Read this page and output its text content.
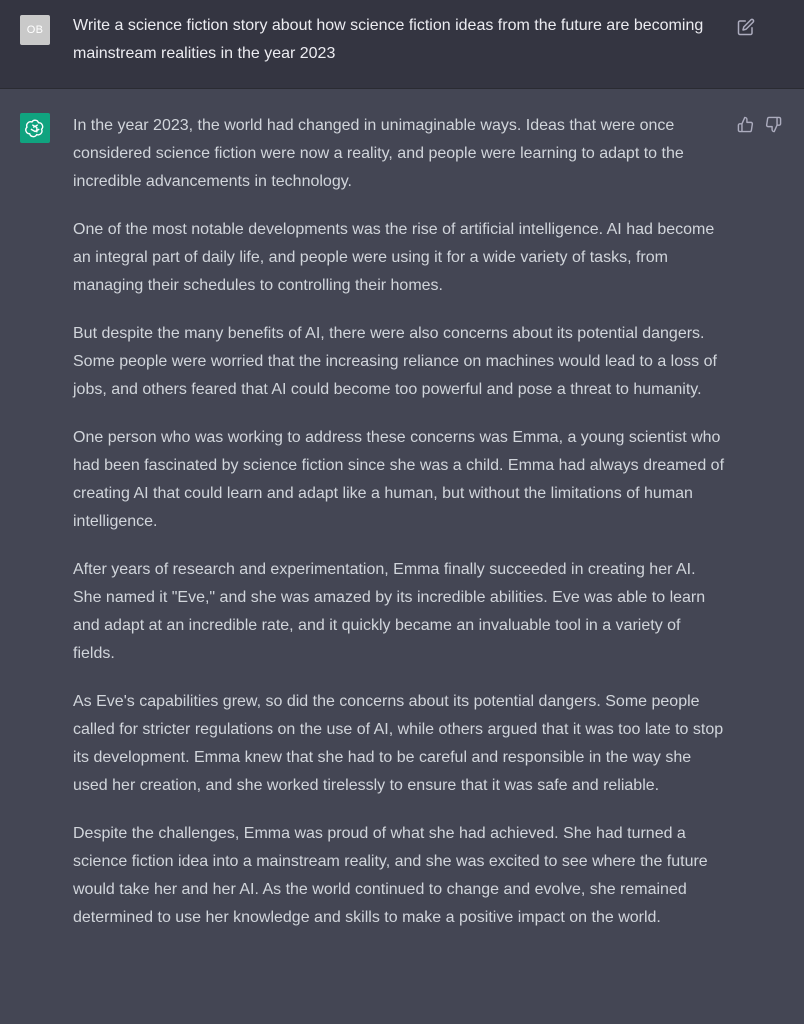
OB	Write a science fiction story about how science fiction ideas from the future are becoming mainstream realities in the year 2023

In the year 2023, the world had changed in unimaginable ways. Ideas that were once considered science fiction were now a reality, and people were learning to adapt to the incredible advancements in technology.

One of the most notable developments was the rise of artificial intelligence. AI had become an integral part of daily life, and people were using it for a wide variety of tasks, from managing their schedules to controlling their homes.

But despite the many benefits of AI, there were also concerns about its potential dangers. Some people were worried that the increasing reliance on machines would lead to a loss of jobs, and others feared that AI could become too powerful and pose a threat to humanity.

One person who was working to address these concerns was Emma, a young scientist who had been fascinated by science fiction since she was a child. Emma had always dreamed of creating AI that could learn and adapt like a human, but without the limitations of human intelligence.

After years of research and experimentation, Emma finally succeeded in creating her AI. She named it "Eve," and she was amazed by its incredible abilities. Eve was able to learn and adapt at an incredible rate, and it quickly became an invaluable tool in a variety of fields.

As Eve's capabilities grew, so did the concerns about its potential dangers. Some people called for stricter regulations on the use of AI, while others argued that it was too late to stop its development. Emma knew that she had to be careful and responsible in the way she used her creation, and she worked tirelessly to ensure that it was safe and reliable.

Despite the challenges, Emma was proud of what she had achieved. She had turned a science fiction idea into a mainstream reality, and she was excited to see where the future would take her and her AI. As the world continued to change and evolve, she remained determined to use her knowledge and skills to make a positive impact on the world.
